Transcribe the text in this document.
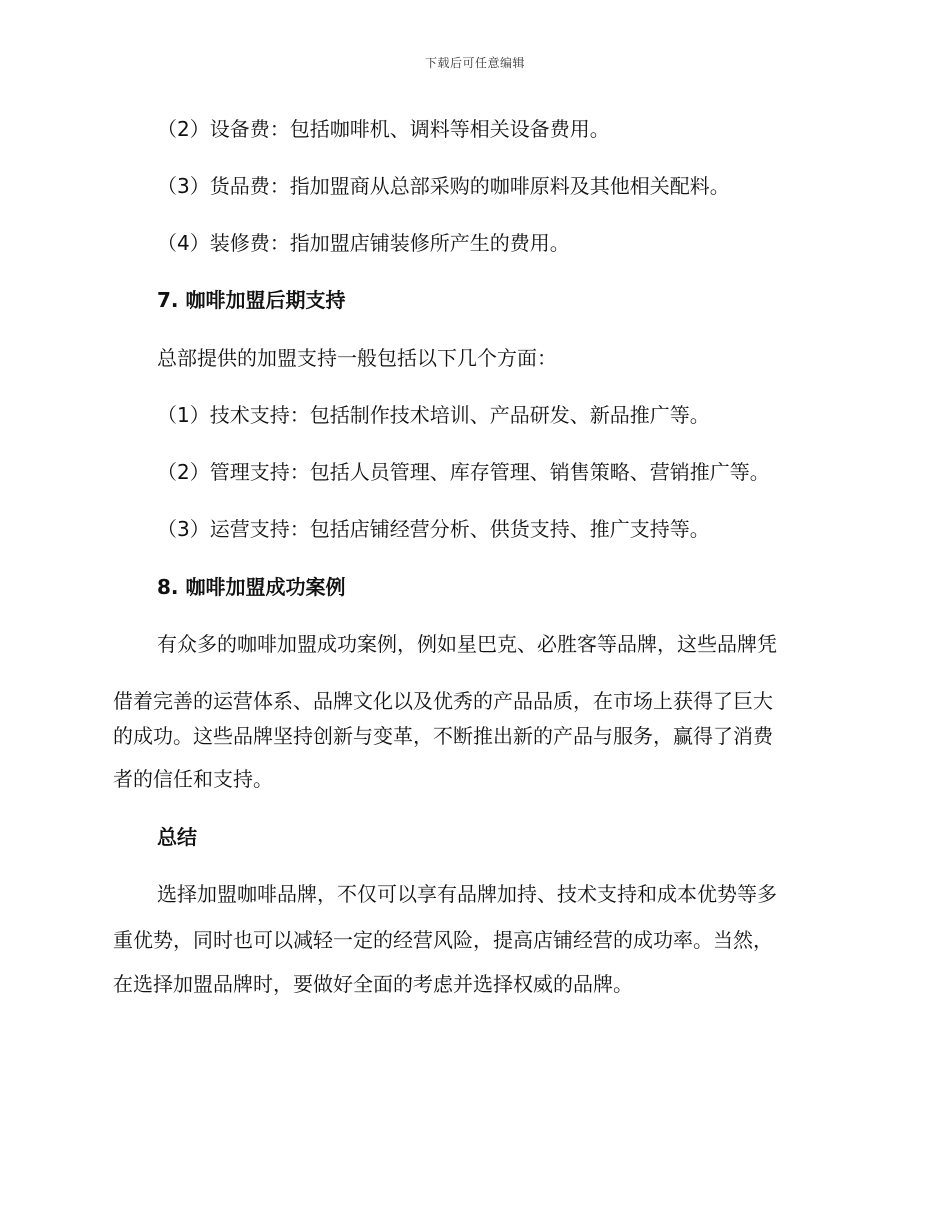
下载后可任意编辑

（2）设备费：包括咖啡机、调料等相关设备费用。

（3）货品费：指加盟商从总部采购的咖啡原料及其他相关配料。

（4）装修费：指加盟店铺装修所产生的费用。

7. 咖啡加盟后期支持

总部提供的加盟支持一般包括以下几个方面：

（1）技术支持：包括制作技术培训、产品研发、新品推广等。

（2）管理支持：包括人员管理、库存管理、销售策略、营销推广等。

（3）运营支持：包括店铺经营分析、供货支持、推广支持等。

8. 咖啡加盟成功案例

有众多的咖啡加盟成功案例，例如星巴克、必胜客等品牌，这些品牌凭

借着完善的运营体系、品牌文化以及优秀的产品品质，在市场上获得了巨大

的成功。这些品牌坚持创新与变革，不断推出新的产品与服务，赢得了消费

者的信任和支持。

总结

选择加盟咖啡品牌，不仅可以享有品牌加持、技术支持和成本优势等多

重优势，同时也可以减轻一定的经营风险，提高店铺经营的成功率。当然，

在选择加盟品牌时，要做好全面的考虑并选择权威的品牌。
